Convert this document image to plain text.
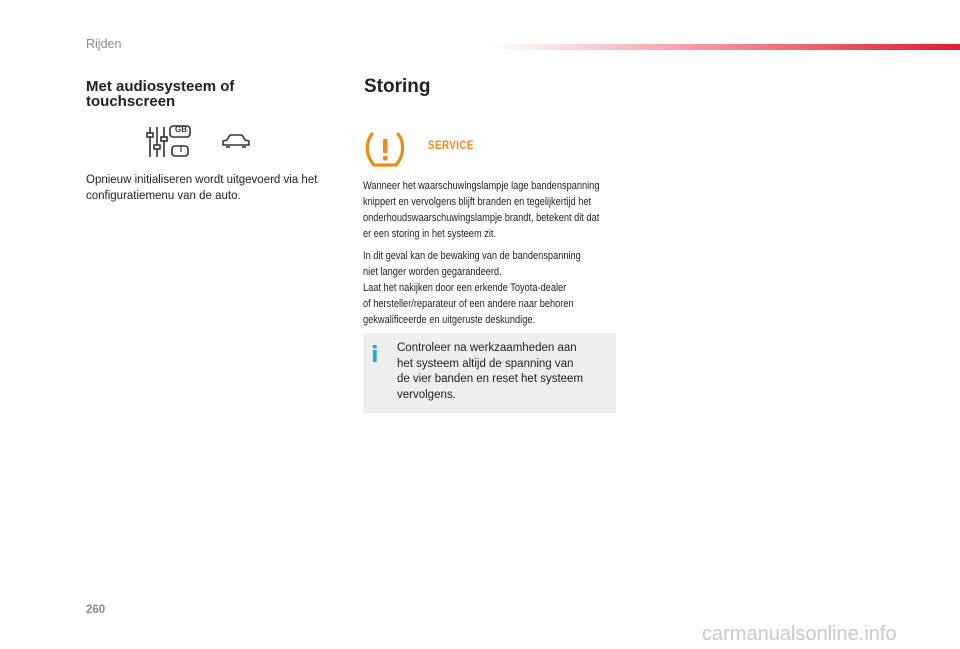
Rijden
Met audiosysteem of
touchscreen
GB
I
Opnieuw initialiseren wordt uitgevoerd via het
configuratiemenu van de auto.
Storing
SERVICE
Wanneer het waarschuwingslampje lage bandenspanning
knippert en vervolgens blijft branden en tegelijkertijd het
onderhoudswaarschuwingslampje brandt, betekent dit dat
er een storing in het systeem zit.
In dit geval kan de bewaking van de bandenspanning
niet langer worden gegarandeerd.
Laat het nakijken door een erkende Toyota-dealer
of hersteller/reparateur of een andere naar behoren
gekwalificeerde en uitgeruste deskundige.
i Controleer na werkzaamheden aan
het systeem altijd de spanning van
de vier banden en reset het systeem
vervolgens.
260
carmanualsonline.info
